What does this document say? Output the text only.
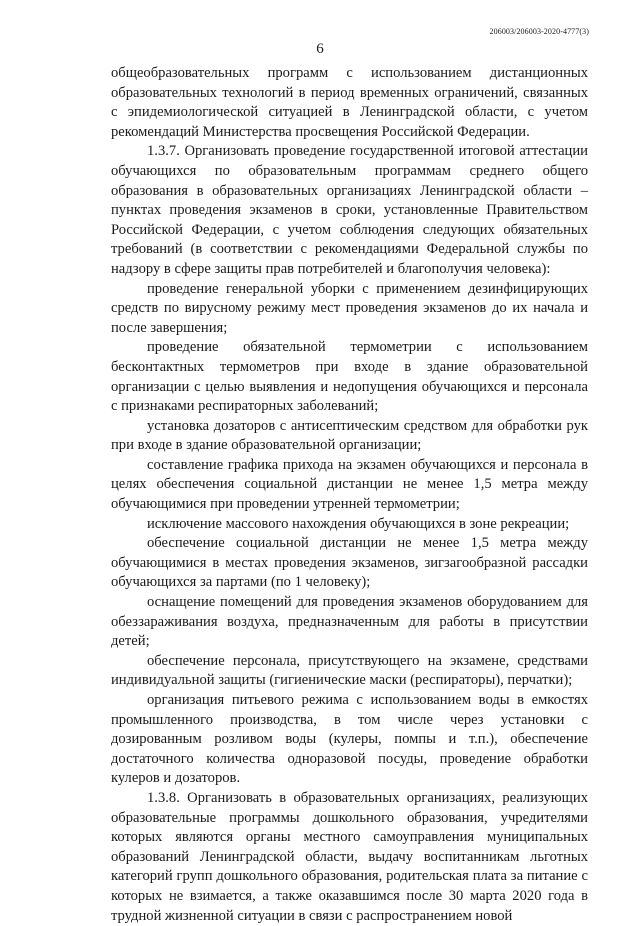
206003/206003-2020-4777(3)
6

общеобразовательных программ с использованием дистанционных образовательных технологий в период временных ограничений, связанных с эпидемиологической ситуацией в Ленинградской области, с учетом рекомендаций Министерства просвещения Российской Федерации.

1.3.7. Организовать проведение государственной итоговой аттестации обучающихся по образовательным программам среднего общего образования в образовательных организациях Ленинградской области – пунктах проведения экзаменов в сроки, установленные Правительством Российской Федерации, с учетом соблюдения следующих обязательных требований (в соответствии с рекомендациями Федеральной службы по надзору в сфере защиты прав потребителей и благополучия человека):

проведение генеральной уборки с применением дезинфицирующих средств по вирусному режиму мест проведения экзаменов до их начала и после завершения;

проведение обязательной термометрии с использованием бесконтактных термометров при входе в здание образовательной организации с целью выявления и недопущения обучающихся и персонала с признаками респираторных заболеваний;

установка дозаторов с антисептическим средством для обработки рук при входе в здание образовательной организации;

составление графика прихода на экзамен обучающихся и персонала в целях обеспечения социальной дистанции не менее 1,5 метра между обучающимися при проведении утренней термометрии;

исключение массового нахождения обучающихся в зоне рекреации;

обеспечение социальной дистанции не менее 1,5 метра между обучающимися в местах проведения экзаменов, зигзагообразной рассадки обучающихся за партами (по 1 человеку);

оснащение помещений для проведения экзаменов оборудованием для обеззараживания воздуха, предназначенным для работы в присутствии детей;

обеспечение персонала, присутствующего на экзамене, средствами индивидуальной защиты (гигиенические маски (респираторы), перчатки);

организация питьевого режима с использованием воды в емкостях промышленного производства, в том числе через установки с дозированным розливом воды (кулеры, помпы и т.п.), обеспечение достаточного количества одноразовой посуды, проведение обработки кулеров и дозаторов.

1.3.8. Организовать в образовательных организациях, реализующих образовательные программы дошкольного образования, учредителями которых являются органы местного самоуправления муниципальных образований Ленинградской области, выдачу воспитанникам льготных категорий групп дошкольного образования, родительская плата за питание с которых не взимается, а также оказавшимся после 30 марта 2020 года в трудной жизненной ситуации в связи с распространением новой
